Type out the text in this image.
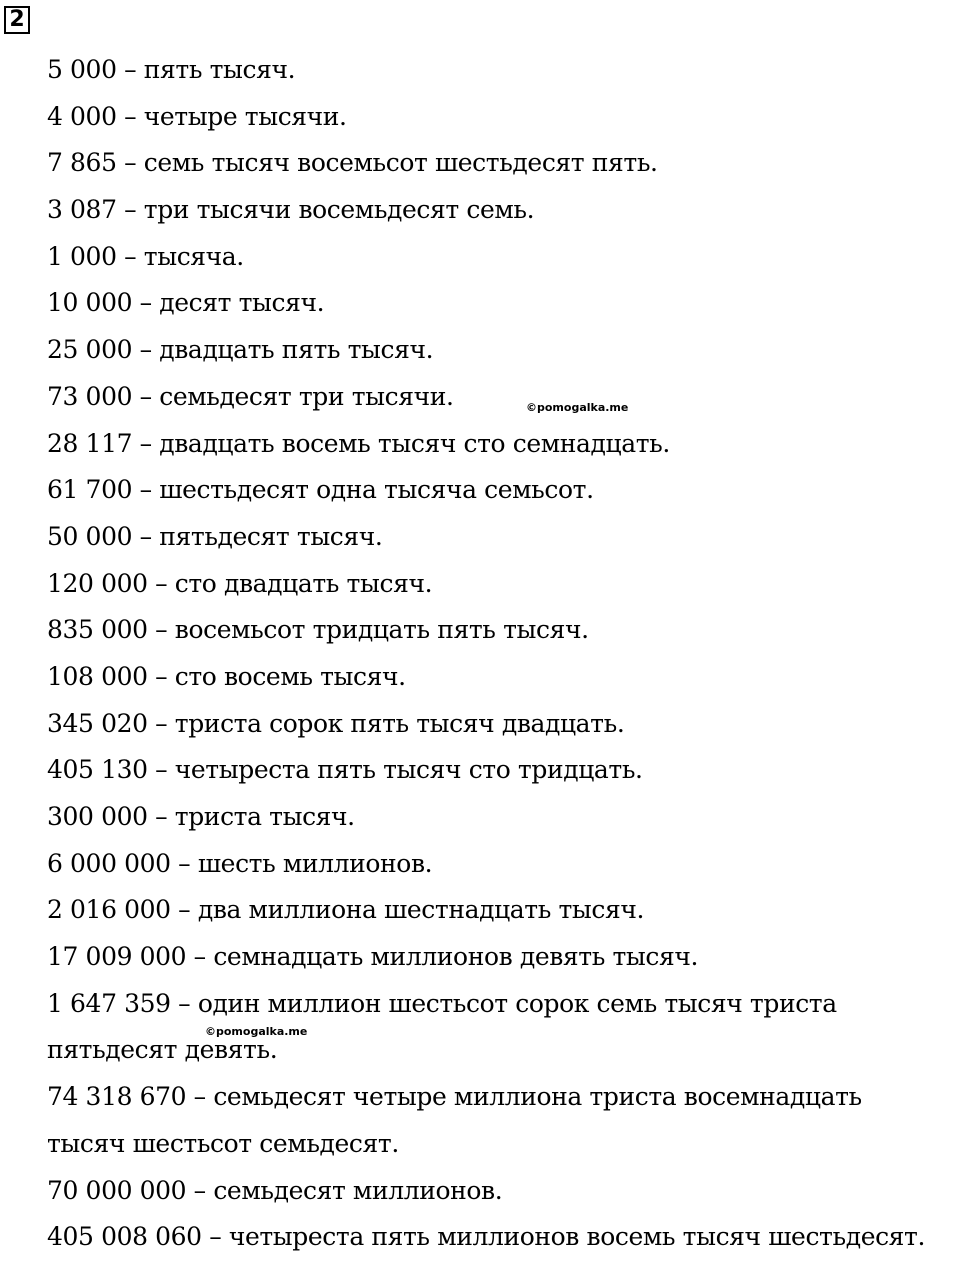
2
5 000 – пять тысяч.
4 000 – четыре тысячи.
7 865 – семь тысяч восемьсот шестьдесят пять.
3 087 – три тысячи восемьдесят семь.
1 000 – тысяча.
10 000 – десят тысяч.
25 000 – двадцать пять тысяч.
73 000 – семьдесят три тысячи.
28 117 – двадцать восемь тысяч сто семнадцать.
61 700 – шестьдесят одна тысяча семьсот.
50 000 – пятьдесят тысяч.
120 000 – сто двадцать тысяч.
835 000 – восемьсот тридцать пять тысяч.
108 000 – сто восемь тысяч.
345 020 – триста сорок пять тысяч двадцать.
405 130 – четыреста пять тысяч сто тридцать.
300 000 – триста тысяч.
6 000 000 – шесть миллионов.
2 016 000 – два миллиона шестнадцать тысяч.
17 009 000 – семнадцать миллионов девять тысяч.
1 647 359 – один миллион шестьсот сорок семь тысяч триста
пятьдесят девять.
74 318 670 – семьдесят четыре миллиона триста восемнадцать
тысяч шестьсот семьдесят.
70 000 000 – семьдесят миллионов.
405 008 060 – четыреста пять миллионов восемь тысяч шестьдесят.
©pomogalka.me
©pomogalka.me
